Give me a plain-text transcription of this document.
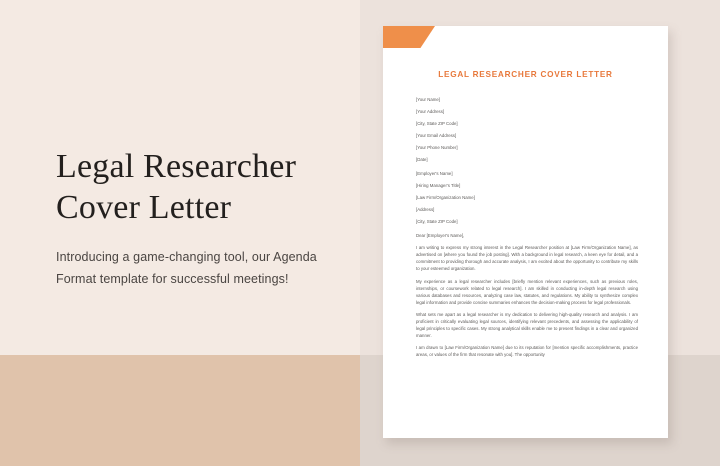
Legal Researcher
Cover Letter

Introducing a game-changing tool, our Agenda Format template for successful meetings!

LEGAL RESEARCHER COVER LETTER

[Your Name]

[Your Address]

[City, State ZIP Code]

[Your Email Address]

[Your Phone Number]

[Date]

[Employer's Name]

[Hiring Manager's Title]

[Law Firm/Organization Name]

[Address]

[City, State ZIP Code]

Dear [Employer's Name],

I am writing to express my strong interest in the Legal Researcher position at [Law Firm/Organization Name], as advertised on [where you found the job posting]. With a background in legal research, a keen eye for detail, and a commitment to providing thorough and accurate analysis, I am excited about the opportunity to contribute my skills to your esteemed organization.

My experience as a legal researcher includes [briefly mention relevant experiences, such as previous roles, internships, or coursework related to legal research]. I am skilled in conducting in-depth legal research using various databases and resources, analyzing case law, statutes, and regulations. My ability to synthesize complex legal information and provide concise summaries enhances the decision-making process for legal professionals.

What sets me apart as a legal researcher is my dedication to delivering high-quality research and analysis. I am proficient in critically evaluating legal sources, identifying relevant precedents, and assessing the applicability of legal principles to specific cases. My strong analytical skills enable me to present findings in a clear and organized manner.

I am drawn to [Law Firm/Organization Name] due to its reputation for [mention specific accomplishments, practice areas, or values of the firm that resonate with you]. The opportunity
